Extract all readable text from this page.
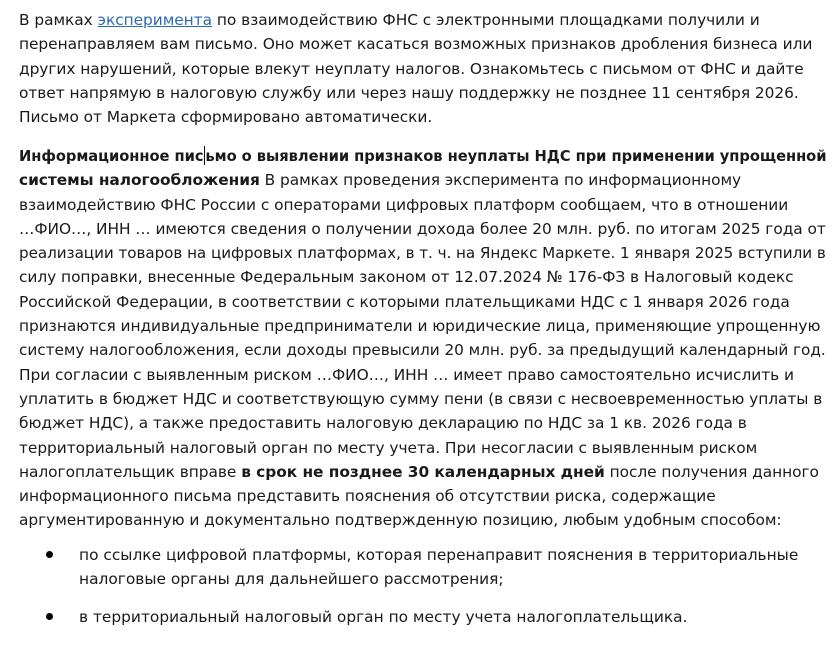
В рамках эксперимента по взаимодействию ФНС с электронными площадками получили и
перенаправляем вам письмо. Оно может касаться возможных признаков дробления бизнеса или
других нарушений, которые влекут неуплату налогов. Ознакомьтесь с письмом от ФНС и дайте
ответ напрямую в налоговую службу или через нашу поддержку не позднее 11 сентября 2026.
Письмо от Маркета сформировано автоматически.
Информационное пис ьмо о выявлении признаков неуплаты НДС при применении упрощенной
системы налогообложения В рамках проведения эксперимента по информационному
взаимодействию ФНС России с операторами цифровых платформ сообщаем, что в отношении
…ФИО…, ИНН … имеются сведения о получении дохода более 20 млн. руб. по итогам 2025 года от
реализации товаров на цифровых платформах, в т. ч. на Яндекс Маркете. 1 января 2025 вступили в
силу поправки, внесенные Федеральным законом от 12.07.2024 № 176-ФЗ в Налоговый кодекс
Российской Федерации, в соответствии с которыми плательщиками НДС с 1 января 2026 года
признаются индивидуальные предприниматели и юридические лица, применяющие упрощенную
систему налогообложения, если доходы превысили 20 млн. руб. за предыдущий календарный год.
При согласии с выявленным риском …ФИО…, ИНН … имеет право самостоятельно исчислить и
уплатить в бюджет НДС и соответствующую сумму пени (в связи с несвоевременностью уплаты в
бюджет НДС), а также предоставить налоговую декларацию по НДС за 1 кв. 2026 года в
территориальный налоговый орган по месту учета. При несогласии с выявленным риском
налогоплательщик вправе в срок не позднее 30 календарных дней после получения данного
информационного письма представить пояснения об отсутствии риска, содержащие
аргументированную и документально подтвержденную позицию, любым удобным способом:
по ссылке цифровой платформы, которая перенаправит пояснения в территориальные
налоговые органы для дальнейшего рассмотрения;
в территориальный налоговый орган по месту учета налогоплательщика.
